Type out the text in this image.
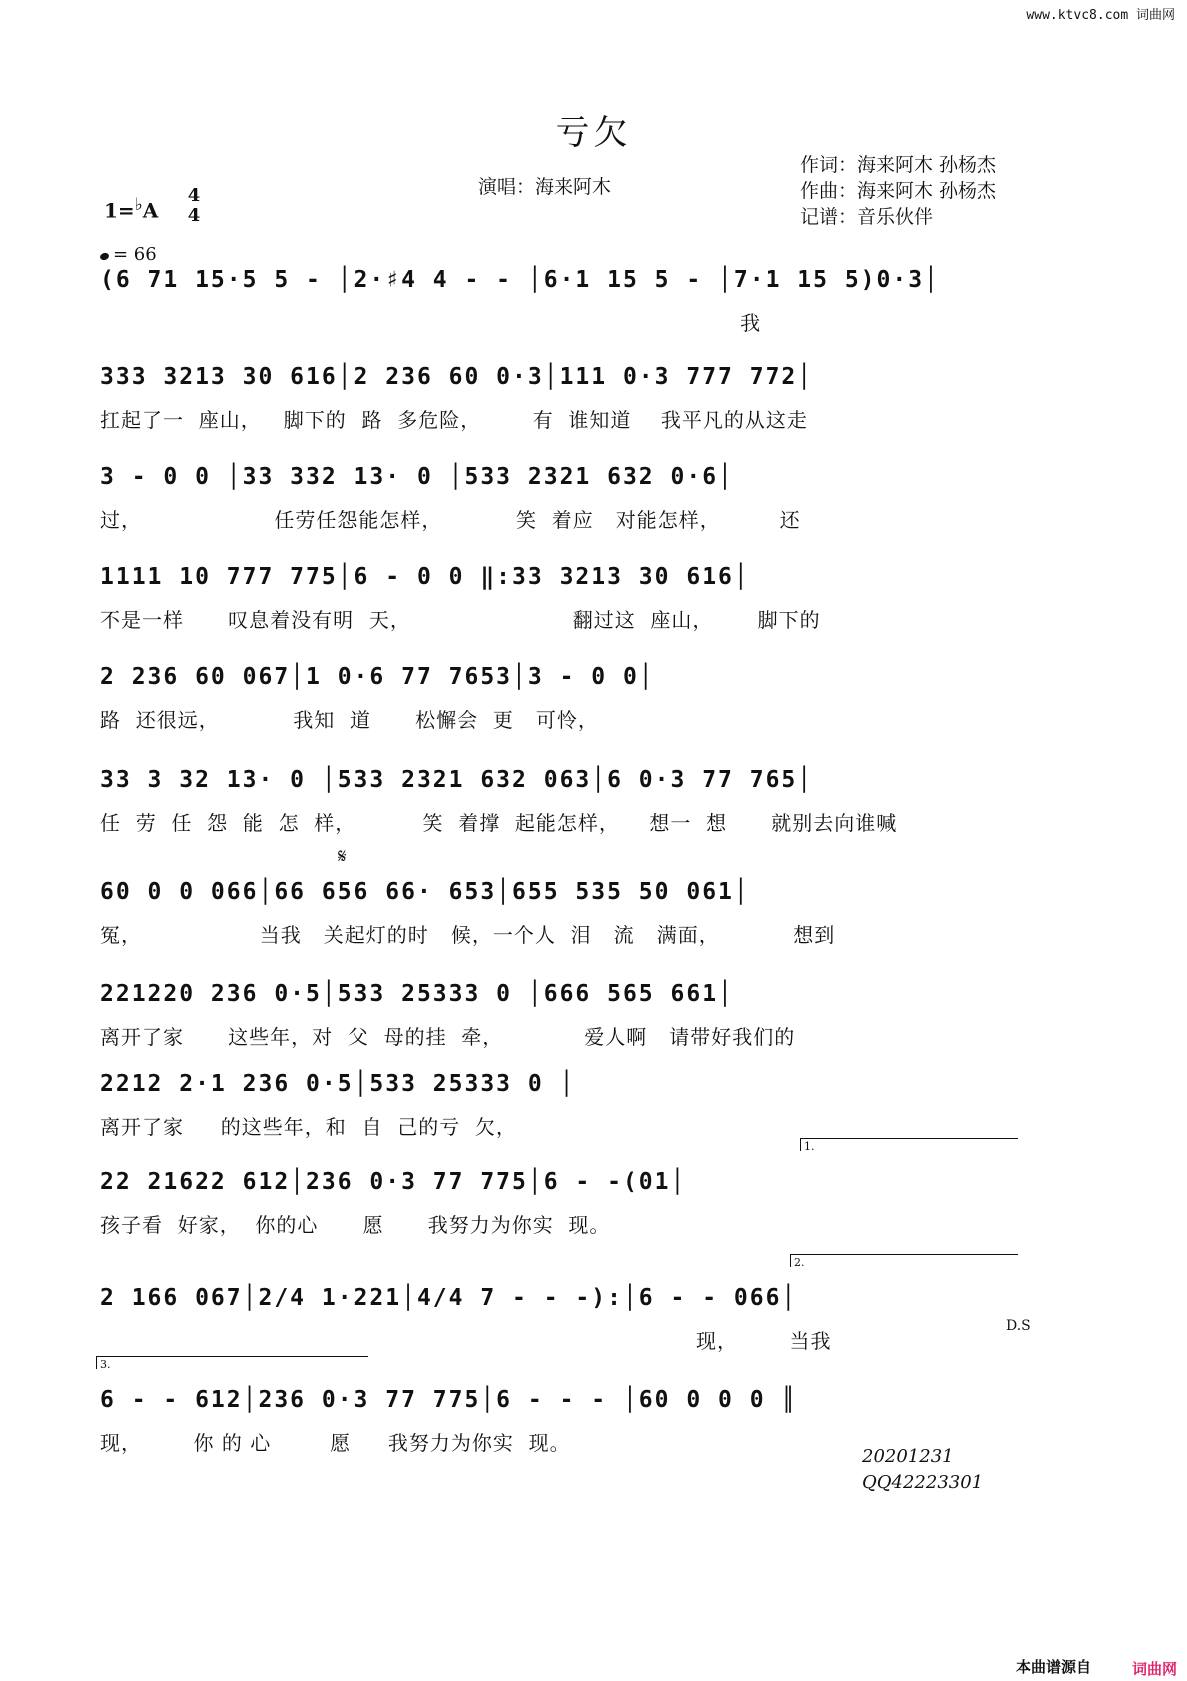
www.ktvc8.com 词曲网
亏欠
演唱：海来阿木
作词：海来阿木 孙杨杰
作曲：海来阿木 孙杨杰
记谱：音乐伙伴
1=♭A
4
4
= 66
(6 71 15·5 5 - │2·♯4 4 - - │6·1 15 5 - │7·1 15 5)0·3│
我
333 3213 30 616│2 236 60 0·3│111 0·3 777 772│
扛起了一  座山，   脚下的  路  多危险，       有  谁知道    我平凡的从这走
3 - 0 0 │33 332 13· 0 │533 2321 632 0·6│
过，                  任劳任怨能怎样，          笑  着应   对能怎样，        还
1111 10 777 775│6 - 0 0 ‖:33 3213 30 616│
不是一样      叹息着没有明  天，                      翻过这  座山，      脚下的
2 236 60 067│1 0·6 77 7653│3 - 0 0│
路  还很远，          我知  道      松懈会  更   可怜，
33 3 32 13· 0 │533 2321 632 063│6 0·3 77 765│
任  劳  任  怨  能  怎  样，         笑  着撑  起能怎样，    想一  想      就别去向谁喊
𝄋
60 0 0 066│66 656 66· 653│655 535 50 061│
冤，                当我   关起灯的时   候，一个人  泪   流   满面，          想到
221220 236 0·5│533 25333 0 │666 565 661│
离开了家      这些年，对  父  母的挂  牵，           爱人啊   请带好我们的
2212 2·1 236 0·5│533 25333 0 │
离开了家     的这些年，和  自  己的亏  欠，
1.
22 21622 612│236 0·3 77 775│6 - -(01│
孩子看  好家，  你的心      愿      我努力为你实  现。
2.
2 166 067│2/4 1·221│4/4 7 - - -):│6 - - 066│
现，       当我
D.S
3.
6 - - 612│236 0·3 77 775│6 - - - │60 0 0 0 ║
现，       你 的 心        愿     我努力为你实  现。
20201231
QQ42223301
本曲谱源自	词曲网
